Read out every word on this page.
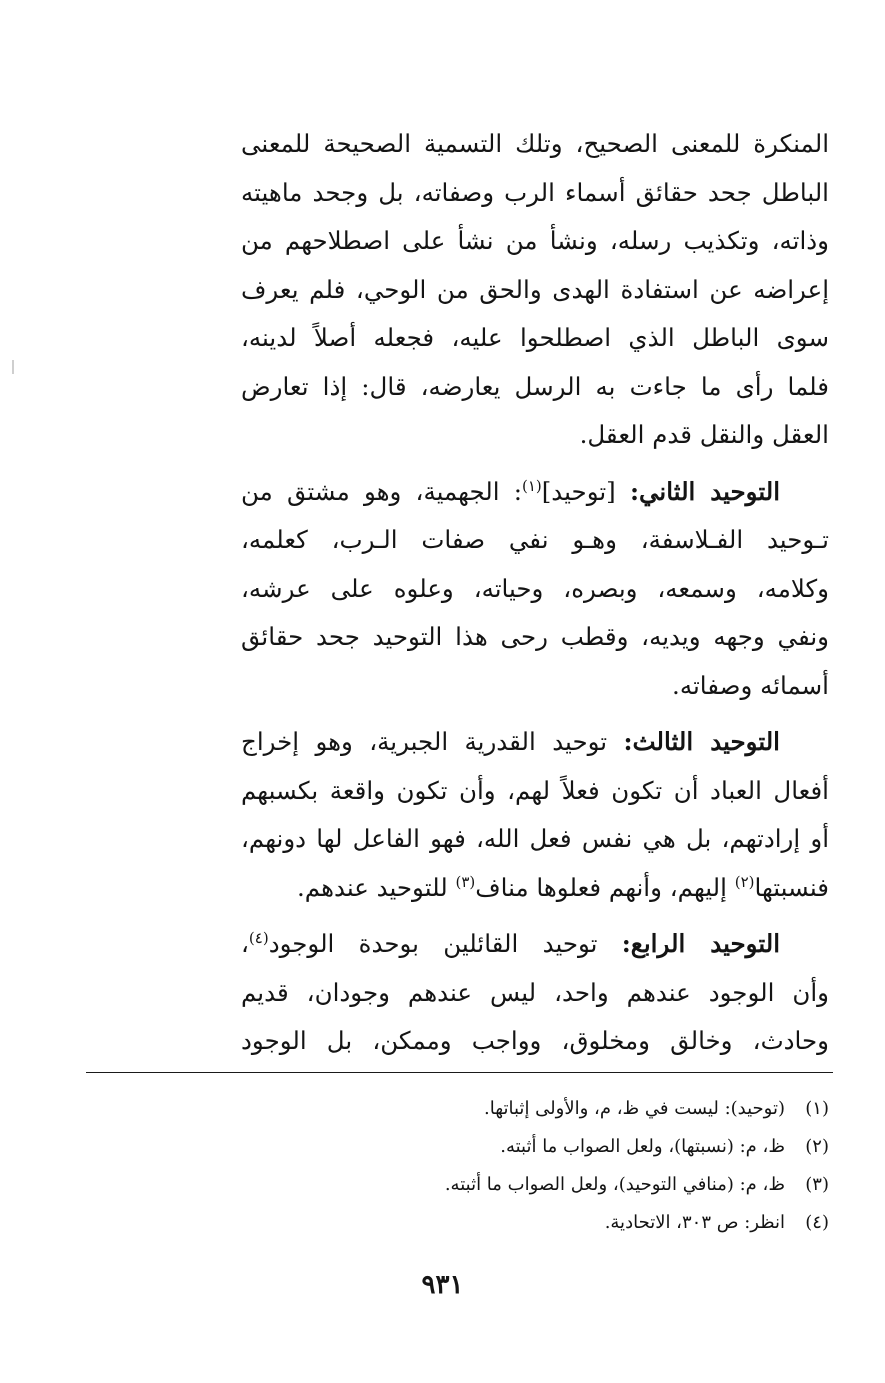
المنكرة للمعنى الصحيح، وتلك التسمية الصحيحة للمعنى
الباطل جحد حقائق أسماء الرب وصفاته، بل وجحد ماهيته
وذاته، وتكذيب رسله، ونشأ من نشأ على اصطلاحهم من
إعراضه عن استفادة الهدى والحق من الوحي، فلم يعرف
سوى الباطل الذي اصطلحوا عليه، فجعله أصلاً لدينه،
فلما رأى ما جاءت به الرسل يعارضه، قال: إذا تعارض
العقل والنقل قدم العقل.

  التوحيد الثاني: [توحيد]$^{(١)}$: الجهمية، وهو مشتق من
تـوحيد الفـلاسفة، وهـو نفي صفات الـرب، كعلمه،
وكلامه، وسمعه، وبصره، وحياته، وعلوه على عرشه،
ونفي وجهه ويديه، وقطب رحى هذا التوحيد جحد حقائق
أسمائه وصفاته.

  التوحيد الثالث: توحيد القدرية الجبرية، وهو إخراج
أفعال العباد أن تكون فعلاً لهم، وأن تكون واقعة بكسبهم
أو إرادتهم، بل هي نفس فعل الله، فهو الفاعل لها دونهم،
فنسبتها$^{(٢)}$ إليهم، وأنهم فعلوها مناف$^{(٣)}$ للتوحيد عندهم.

  التوحيد الرابع: توحيد القائلين بوحدة الوجود$^{(٤)}$،
وأن الوجود عندهم واحد، ليس عندهم وجودان، قديم
وحادث، وخالق ومخلوق، وواجب وممكن، بل الوجود

(١)(توحيد): ليست في ظ، م، والأولى إثباتها.
(٢)ظ، م: (نسبتها)، ولعل الصواب ما أثبته.
(٣)ظ، م: (منافي التوحيد)، ولعل الصواب ما أثبته.
(٤)انظر: ص ٣٠٣، الاتحادية.
٩٣١
